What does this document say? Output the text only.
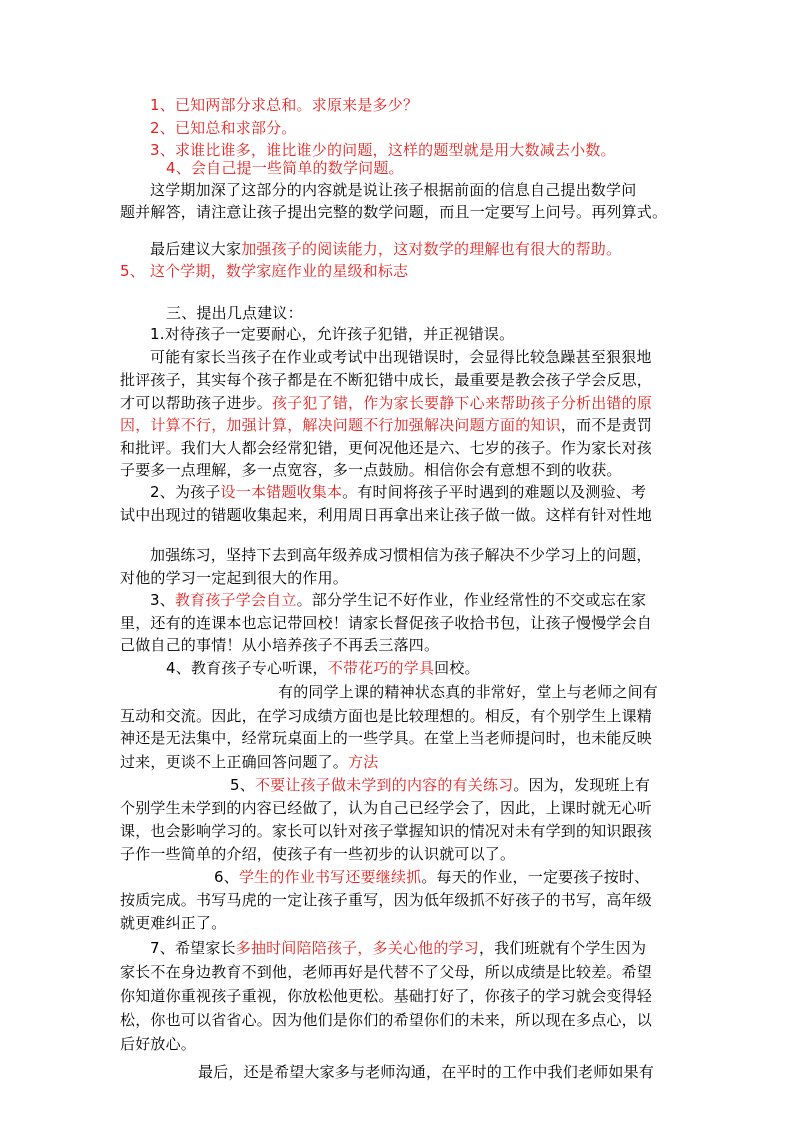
1、已知两部分求总和。求原来是多少？
2、已知总和求部分。
3、求谁比谁多，谁比谁少的问题，这样的题型就是用大数减去小数。
4、会自己提一些简单的数学问题。
这学期加深了这部分的内容就是说让孩子根据前面的信息自己提出数学问
题并解答，请注意让孩子提出完整的数学问题，而且一定要写上问号。再列算式。
最后建议大家加强孩子的阅读能力，这对数学的理解也有很大的帮助。
5、 这个学期，数学家庭作业的星级和标志
三、提出几点建议：
1.对待孩子一定要耐心，允许孩子犯错，并正视错误。
可能有家长当孩子在作业或考试中出现错误时，会显得比较急躁甚至狠狠地
批评孩子，其实每个孩子都是在不断犯错中成长，最重要是教会孩子学会反思，
才可以帮助孩子进步。孩子犯了错，作为家长要静下心来帮助孩子分析出错的原
因，计算不行，加强计算，解决问题不行加强解决问题方面的知识，而不是责罚
和批评。我们大人都会经常犯错，更何况他还是六、七岁的孩子。作为家长对孩
子要多一点理解，多一点宽容，多一点鼓励。相信你会有意想不到的收获。
2、为孩子设一本错题收集本。有时间将孩子平时遇到的难题以及测验、考
试中出现过的错题收集起来，利用周日再拿出来让孩子做一做。这样有针对性地
加强练习，坚持下去到高年级养成习惯相信为孩子解决不少学习上的问题，
对他的学习一定起到很大的作用。
3、教育孩子学会自立。部分学生记不好作业，作业经常性的不交或忘在家
里，还有的连课本也忘记带回校！请家长督促孩子收拾书包，让孩子慢慢学会自
己做自己的事情！从小培养孩子不再丢三落四。
4、教育孩子专心听课，不带花巧的学具回校。
有的同学上课的精神状态真的非常好，堂上与老师之间有
互动和交流。因此，在学习成绩方面也是比较理想的。相反，有个别学生上课精
神还是无法集中，经常玩桌面上的一些学具。在堂上当老师提问时，也未能反映
过来，更谈不上正确回答问题了。方法
5、不要让孩子做未学到的内容的有关练习。因为，发现班上有
个别学生未学到的内容已经做了，认为自己已经学会了，因此，上课时就无心听
课，也会影响学习的。家长可以针对孩子掌握知识的情况对未有学到的知识跟孩
子作一些简单的介绍，使孩子有一些初步的认识就可以了。
6、学生的作业书写还要继续抓。每天的作业，一定要孩子按时、
按质完成。书写马虎的一定让孩子重写，因为低年级抓不好孩子的书写，高年级
就更难纠正了。
7、希望家长多抽时间陪陪孩子，多关心他的学习，我们班就有个学生因为
家长不在身边教育不到他，老师再好是代替不了父母，所以成绩是比较差。希望
你知道你重视孩子重视，你放松他更松。基础打好了，你孩子的学习就会变得轻
松，你也可以省省心。因为他们是你们的希望你们的未来，所以现在多点心，以
后好放心。
最后，还是希望大家多与老师沟通，在平时的工作中我们老师如果有
